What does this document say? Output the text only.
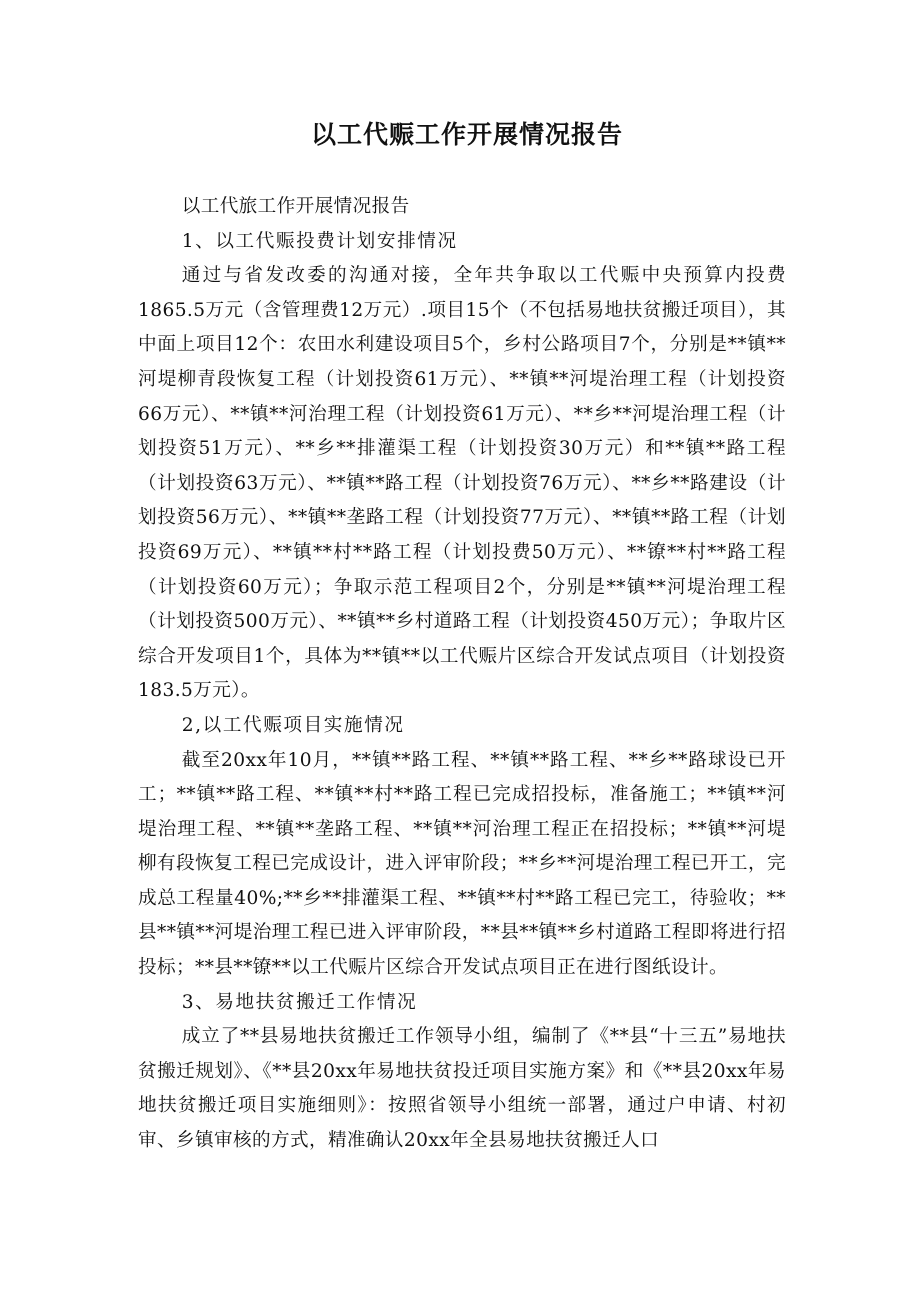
以工代赈工作开展情况报告

以工代旅工作开展情况报告

1、以工代赈投费计划安排情况

通过与省发改委的沟通对接，全年共争取以工代赈中央预算内投费1865.5万元（含管理费12万元）.项目15个（不包括易地扶贫搬迁项目），其中面上项目12个：农田水利建设项目5个，乡村公路项目7个，分别是**镇**河堤柳青段恢复工程（计划投资61万元）、**镇**河堤治理工程（计划投资66万元）、**镇**河治理工程（计划投资61万元）、**乡**河堤治理工程（计划投资51万元）、**乡**排灌渠工程（计划投资30万元）和**镇**路工程（计划投资63万元）、**镇**路工程（计划投资76万元）、**乡**路建设（计划投资56万元）、**镇**垄路工程（计划投资77万元）、**镇**路工程（计划投资69万元）、**镇**村**路工程（计划投费50万元）、**镣**村**路工程（计划投资60万元）；争取示范工程项目2个，分别是**镇**河堤治理工程（计划投资500万元）、**镇**乡村道路工程（计划投资450万元）；争取片区综合开发项目1个，具体为**镇**以工代赈片区综合开发试点项目（计划投资183.5万元）。

2,以工代赈项目实施情况

截至20xx年10月，**镇**路工程、**镇**路工程、**乡**路球设已开工；**镇**路工程、**镇**村**路工程已完成招投标，准备施工；**镇**河堤治理工程、**镇**垄路工程、**镇**河治理工程正在招投标；**镇**河堤柳有段恢复工程已完成设计，进入评审阶段；**乡**河堤治理工程已开工，完成总工程量40%;**乡**排灌渠工程、**镇**村**路工程已完工，待验收；**县**镇**河堤治理工程已进入评审阶段，**县**镇**乡村道路工程即将进行招投标；**县**镣**以工代赈片区综合开发试点项目正在进行图纸设计。

3、易地扶贫搬迁工作情况

成立了**县易地扶贫搬迁工作领导小组，编制了《**县“十三五”易地扶贫搬迁规划》、《**县20xx年易地扶贫投迁项目实施方案》和《**县20xx年易地扶贫搬迁项目实施细则》：按照省领导小组统一部署，通过户申请、村初审、乡镇审核的方式，精准确认20xx年全县易地扶贫搬迁人口
